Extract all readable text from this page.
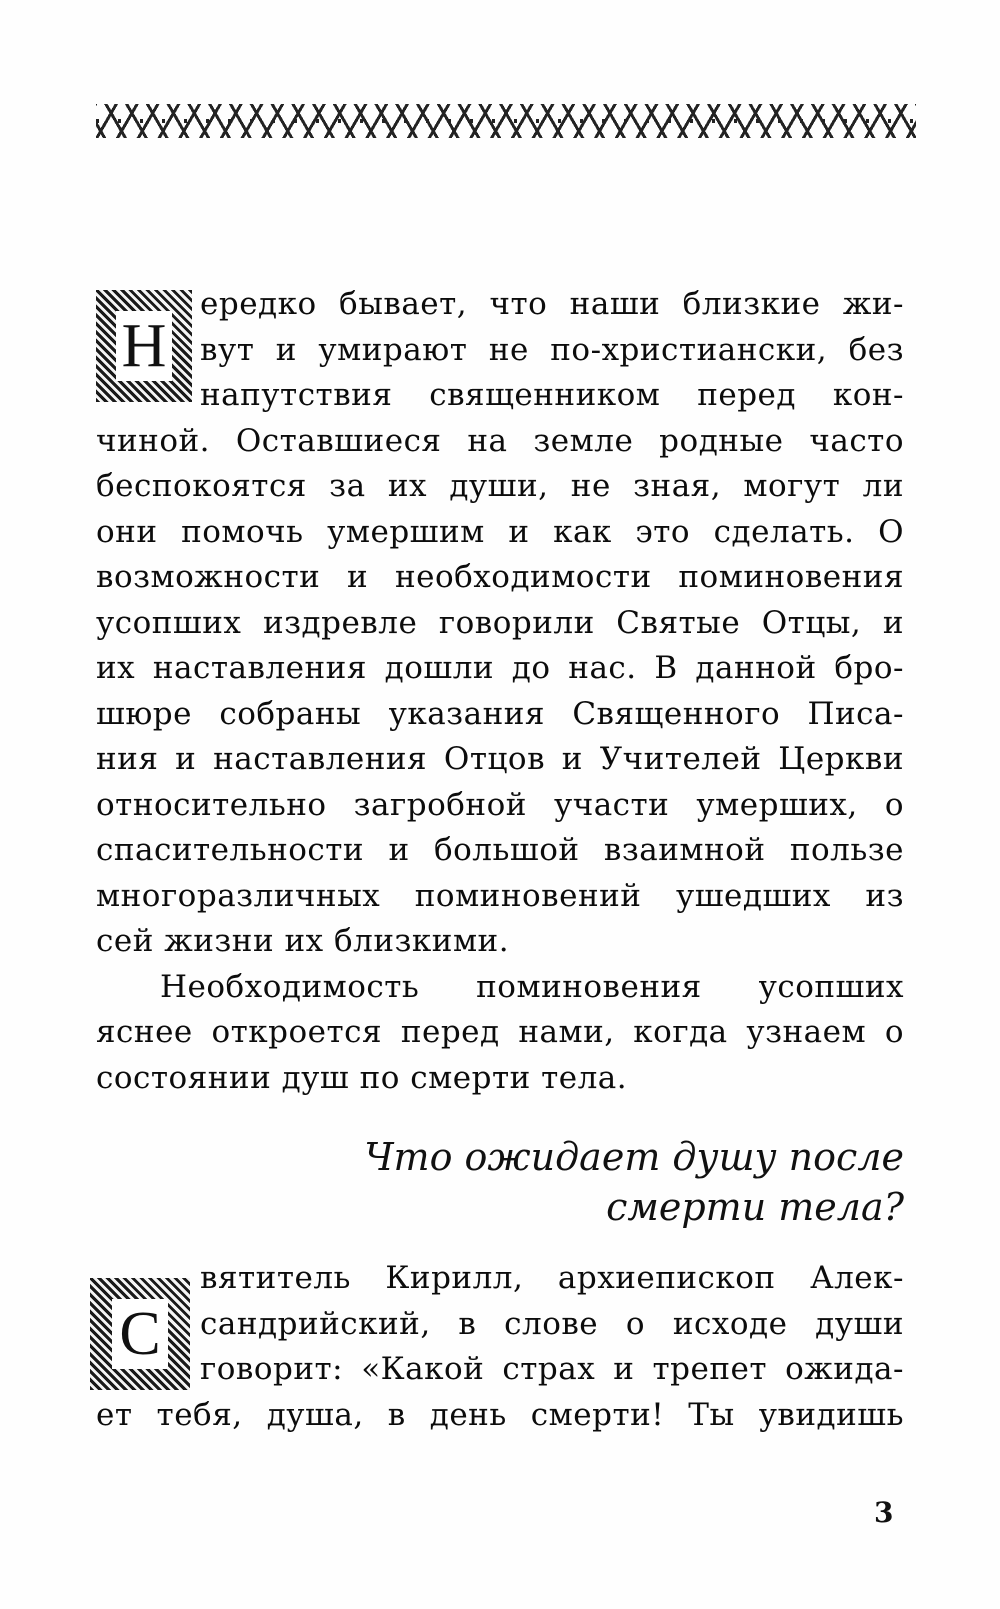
Н
ередко бывает, что наши близкие жи-
вут и умирают не по-христиански, без
напутствия священником перед кон-
чиной. Оставшиеся на земле родные часто
беспокоятся за их души, не зная, могут ли
они помочь умершим и как это сделать. О
возможности и необходимости поминовения
усопших издревле говорили Святые Отцы, и
их наставления дошли до нас. В данной бро-
шюре собраны указания Священного Писа-
ния и наставления Отцов и Учителей Церкви
относительно загробной участи умерших, о
спасительности и большой взаимной пользе
многоразличных поминовений ушедших из
сей жизни их близкими.
Необходимость поминовения усопших
яснее откроется перед нами, когда узнаем о
состоянии душ по смерти тела.
Что ожидает душу после
смерти тела?
С
вятитель Кирилл, архиепископ Алек-
сандрийский, в слове о исходе души
говорит: «Какой страх и трепет ожида-
ет тебя, душа, в день смерти! Ты увидишь
3
